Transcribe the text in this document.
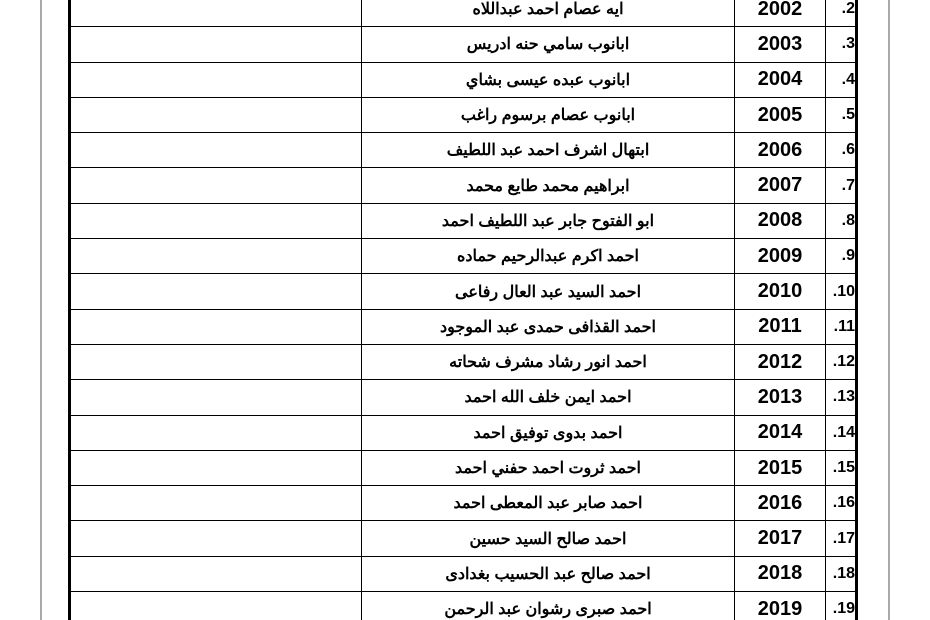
	ايه عصام احمد عبداللاه	2002	.2
	ابانوب سامي حنه ادريس	2003	.3
	ابانوب عبده عيسى بشاي	2004	.4
	ابانوب عصام برسوم راغب	2005	.5
	ابتهال اشرف احمد عبد اللطيف	2006	.6
	ابراهيم محمد طايع محمد	2007	.7
	ابو الفتوح جابر عبد اللطيف احمد	2008	.8
	احمد اكرم عبدالرحيم حماده	2009	.9
	احمد السيد عبد العال رفاعى	2010	.10
	احمد القذافى حمدى عبد الموجود	2011	.11
	احمد انور رشاد مشرف شحاته	2012	.12
	احمد ايمن خلف الله احمد	2013	.13
	احمد بدوى توفيق احمد	2014	.14
	احمد ثروت احمد حفني احمد	2015	.15
	احمد صابر عبد المعطى احمد	2016	.16
	احمد صالح السيد حسين	2017	.17
	احمد صالح عبد الحسيب بغدادى	2018	.18
	احمد صبرى رشوان عبد الرحمن	2019	.19
